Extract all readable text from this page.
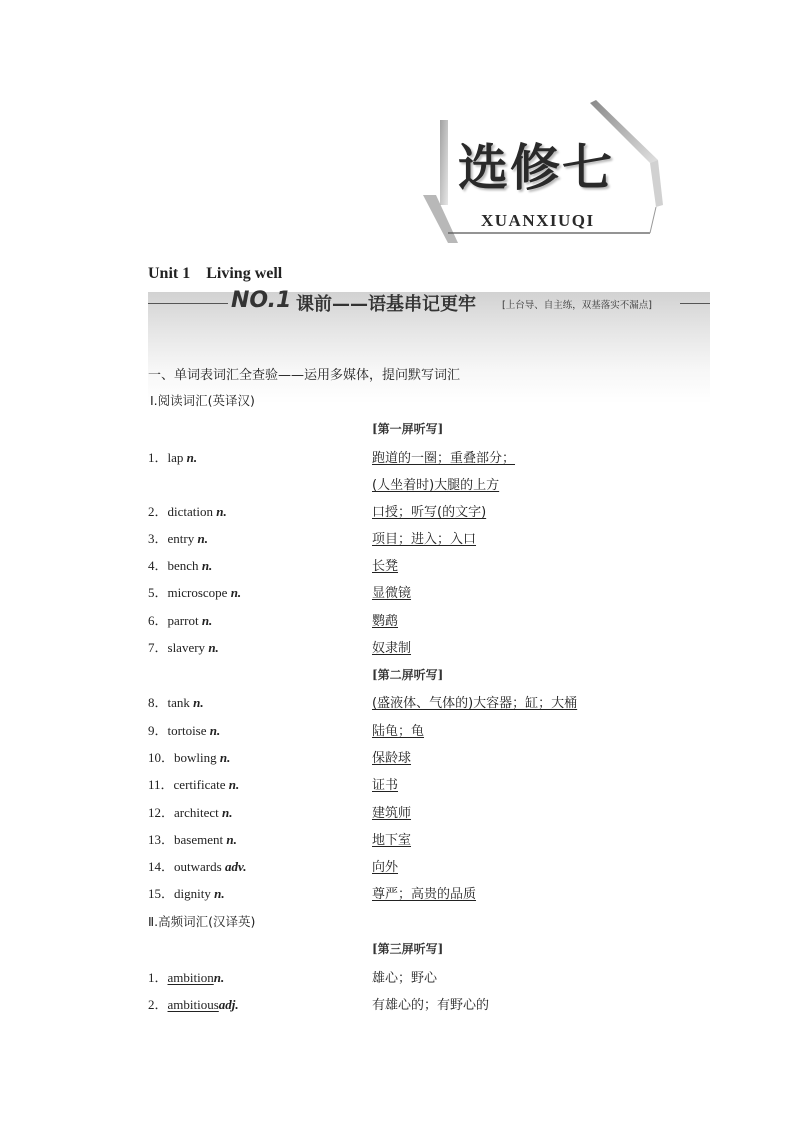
选修七
XUANXIUQI
Unit 1　Living well
NO.1 课前——语基串记更牢	[上台导、自主练，双基落实不漏点]
一、单词表词汇全查验——运用多媒体，提问默写词汇
Ⅰ.阅读词汇(英译汉)
[第一屏听写]
1．lap n.	跑道的一圈；重叠部分；
(人坐着时)大腿的上方
2．dictation n.	口授；听写(的文字)
3．entry n.	项目；进入；入口
4．bench n.	长凳
5．microscope n.	显微镜
6．parrot n.	鹦鹉
7．slavery n.	奴隶制
[第二屏听写]
8．tank n.	(盛液体、气体的)大容器；缸；大桶
9．tortoise n.	陆龟；龟
10．bowling n.	保龄球
11．certificate n.	证书
12．architect n.	建筑师
13．basement n.	地下室
14．outwards adv.	向外
15．dignity n.	尊严；高贵的品质
Ⅱ.高频词汇(汉译英)
[第三屏听写]
1．ambitionn.	雄心；野心
2．ambitiousadj.	有雄心的；有野心的
